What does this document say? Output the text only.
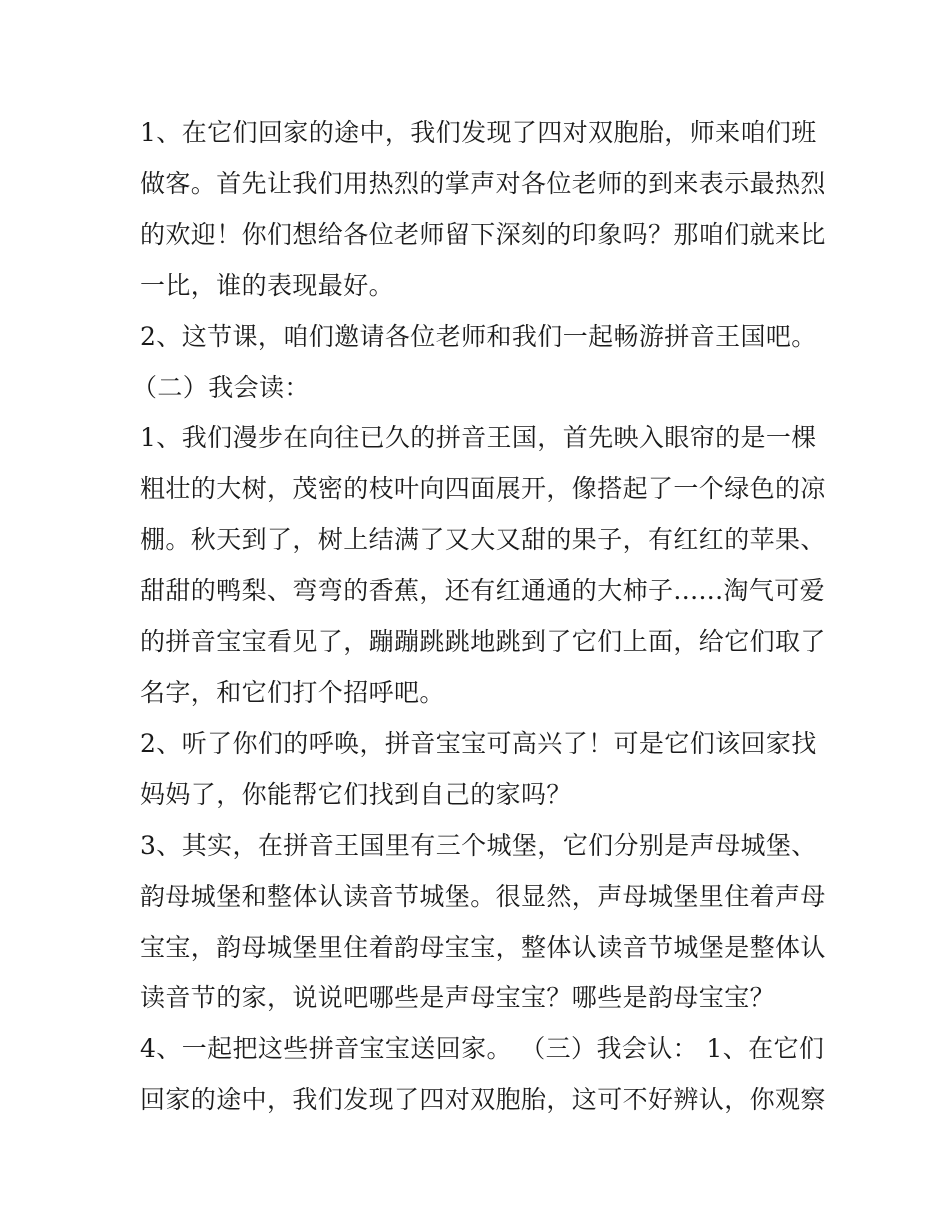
1、在它们回家的途中，我们发现了四对双胞胎，师来咱们班
做客。首先让我们用热烈的掌声对各位老师的到来表示最热烈
的欢迎！你们想给各位老师留下深刻的印象吗？那咱们就来比
一比，谁的表现最好。

2、这节课，咱们邀请各位老师和我们一起畅游拼音王国吧。

（二）我会读：

1、我们漫步在向往已久的拼音王国，首先映入眼帘的是一棵
粗壮的大树，茂密的枝叶向四面展开，像搭起了一个绿色的凉
棚。秋天到了，树上结满了又大又甜的果子，有红红的苹果、
甜甜的鸭梨、弯弯的香蕉，还有红通通的大柿子......淘气可爱
的拼音宝宝看见了，蹦蹦跳跳地跳到了它们上面，给它们取了
名字，和它们打个招呼吧。

2、听了你们的呼唤，拼音宝宝可高兴了！可是它们该回家找
妈妈了，你能帮它们找到自己的家吗？

3、其实，在拼音王国里有三个城堡，它们分别是声母城堡、
韵母城堡和整体认读音节城堡。很显然，声母城堡里住着声母
宝宝，韵母城堡里住着韵母宝宝，整体认读音节城堡是整体认
读音节的家，说说吧哪些是声母宝宝？哪些是韵母宝宝？

4、一起把这些拼音宝宝送回家。 （三）我会认： 1、在它们
回家的途中，我们发现了四对双胞胎，这可不好辨认，你观察
